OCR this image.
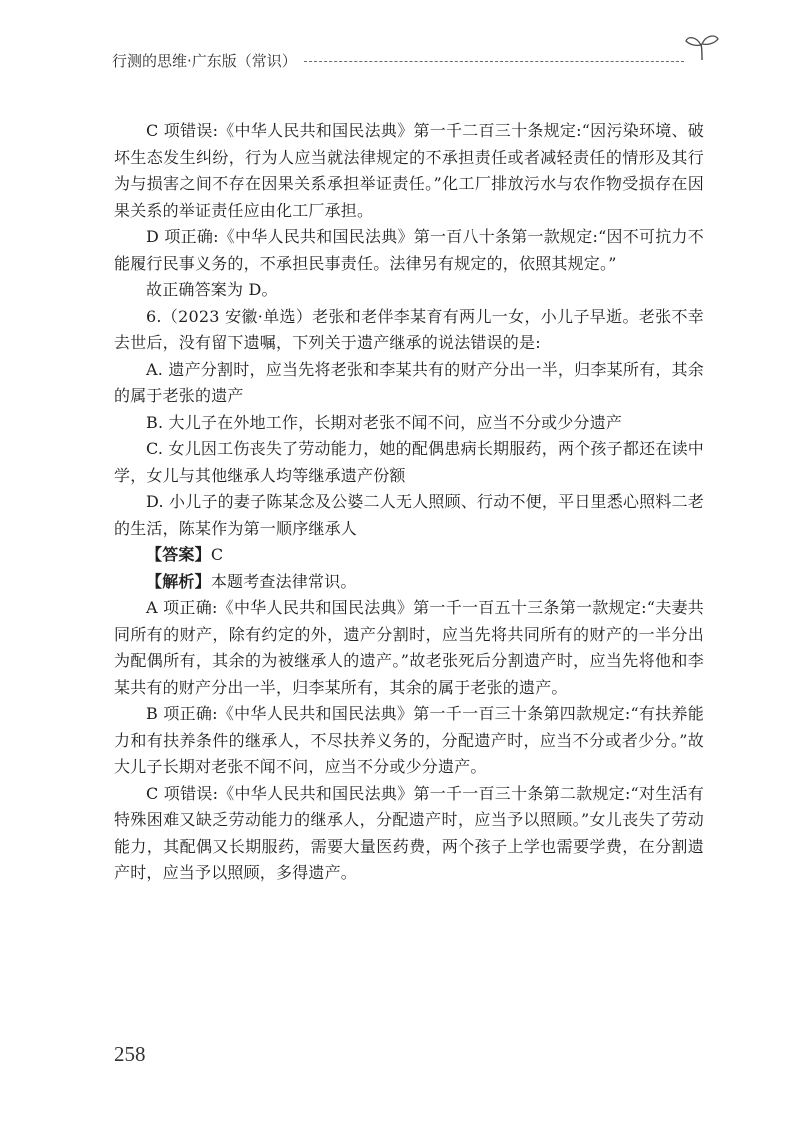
行测的思维·广东版（常识）

C 项错误:《中华人民共和国民法典》第一千二百三十条规定:“因污染环境、破坏生态发生纠纷，行为人应当就法律规定的不承担责任或者减轻责任的情形及其行为与损害之间不存在因果关系承担举证责任。”化工厂排放污水与农作物受损存在因果关系的举证责任应由化工厂承担。

D 项正确:《中华人民共和国民法典》第一百八十条第一款规定:“因不可抗力不能履行民事义务的，不承担民事责任。法律另有规定的，依照其规定。”

故正确答案为 D。

6.（2023 安徽·单选）老张和老伴李某育有两儿一女，小儿子早逝。老张不幸去世后，没有留下遗嘱，下列关于遗产继承的说法错误的是:

A. 遗产分割时，应当先将老张和李某共有的财产分出一半，归李某所有，其余的属于老张的遗产

B. 大儿子在外地工作，长期对老张不闻不问，应当不分或少分遗产

C. 女儿因工伤丧失了劳动能力，她的配偶患病长期服药，两个孩子都还在读中学，女儿与其他继承人均等继承遗产份额

D. 小儿子的妻子陈某念及公婆二人无人照顾、行动不便，平日里悉心照料二老的生活，陈某作为第一顺序继承人

【答案】C

【解析】本题考查法律常识。

A 项正确:《中华人民共和国民法典》第一千一百五十三条第一款规定:“夫妻共同所有的财产，除有约定的外，遗产分割时，应当先将共同所有的财产的一半分出为配偶所有，其余的为被继承人的遗产。”故老张死后分割遗产时，应当先将他和李某共有的财产分出一半，归李某所有，其余的属于老张的遗产。

B 项正确:《中华人民共和国民法典》第一千一百三十条第四款规定:“有扶养能力和有扶养条件的继承人，不尽扶养义务的，分配遗产时，应当不分或者少分。”故大儿子长期对老张不闻不问，应当不分或少分遗产。

C 项错误:《中华人民共和国民法典》第一千一百三十条第二款规定:“对生活有特殊困难又缺乏劳动能力的继承人，分配遗产时，应当予以照顾。”女儿丧失了劳动能力，其配偶又长期服药，需要大量医药费，两个孩子上学也需要学费，在分割遗产时，应当予以照顾，多得遗产。

258
